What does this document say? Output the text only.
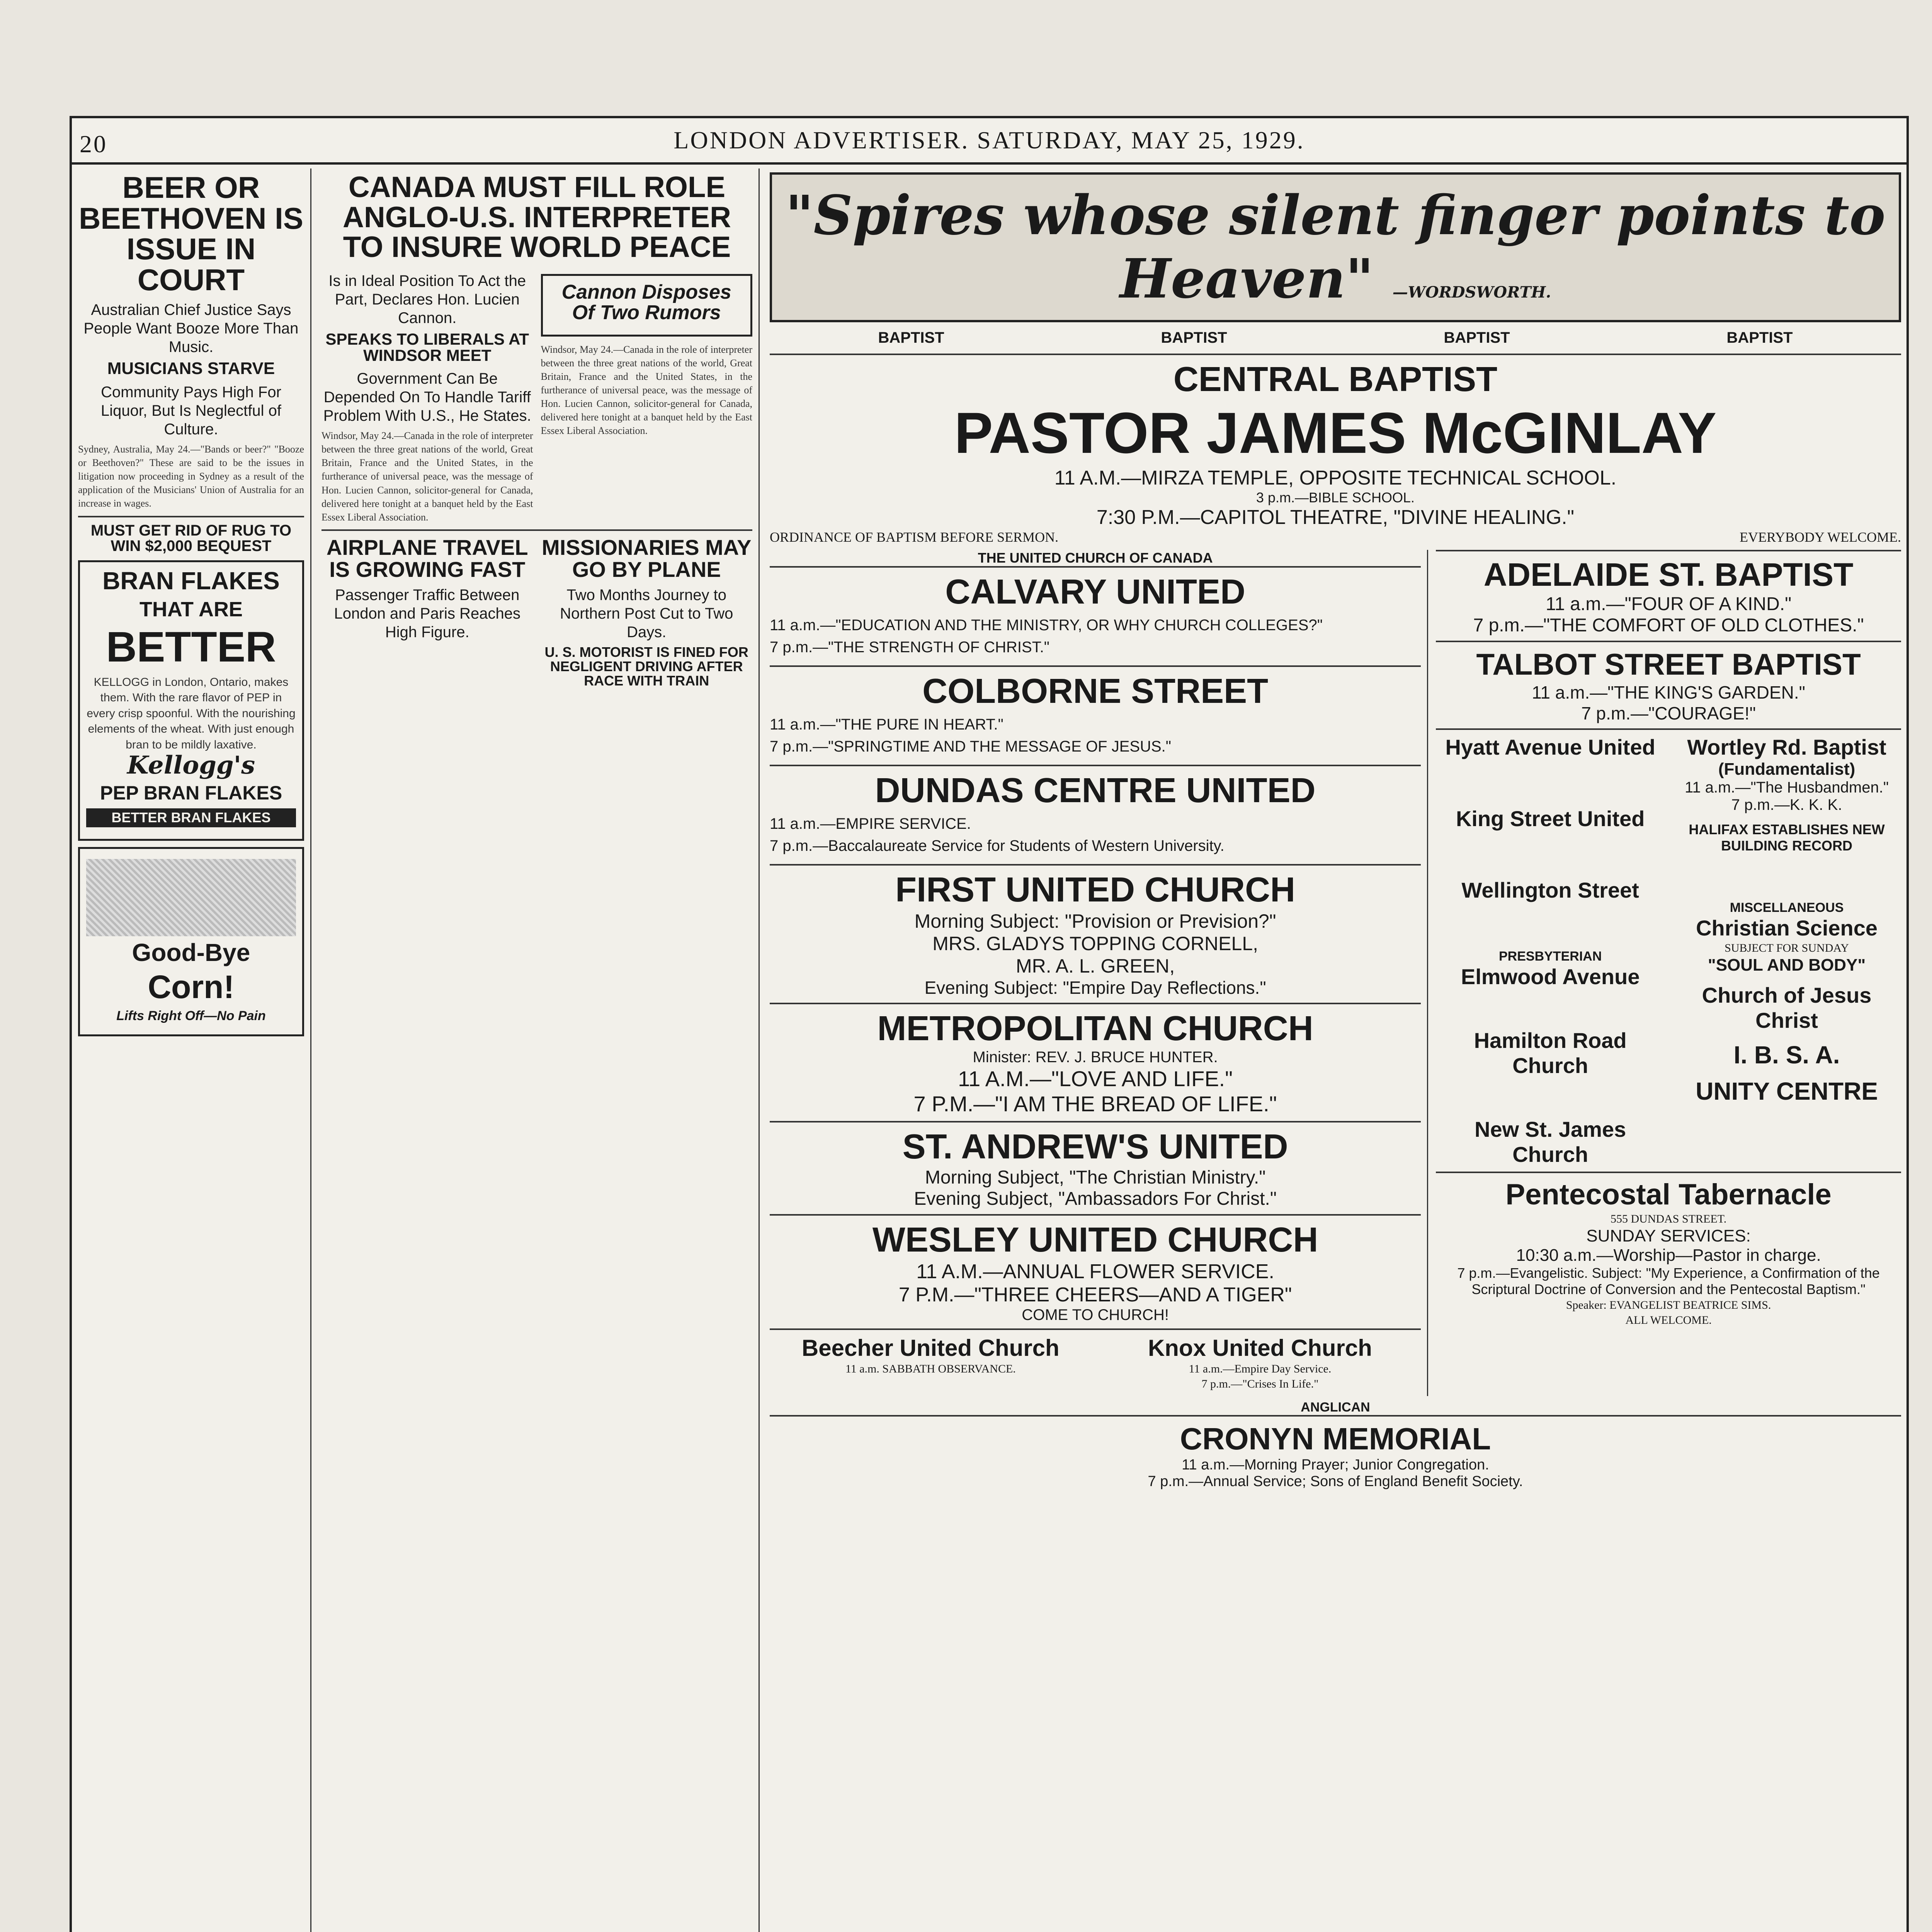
20	LONDON ADVERTISER. SATURDAY, MAY 25, 1929.
BEER OR BEETHOVEN IS ISSUE IN COURT
Australian Chief Justice Says People Want Booze More Than Music.
MUSICIANS STARVE
Community Pays High For Liquor, But Is Neglectful of Culture.
Sydney, Australia, May 24.—"Bands or beer?" "Booze or Beethoven?" These are said to be the issues in litigation now proceeding in Sydney as a result of the application of the Musicians' Union of Australia for an increase in wages.
MUST GET RID OF RUG TO WIN $2,000 BEQUEST
BRAN FLAKES
THAT ARE
BETTER
KELLOGG in London, Ontario, makes them. With the rare flavor of PEP in every crisp spoonful. With the nourishing elements of the wheat. With just enough bran to be mildly laxative.
Kellogg's
PEP BRAN FLAKES
BETTER BRAN FLAKES
Good-Bye
Corn!
Lifts Right Off—No Pain
CANADA MUST FILL ROLE ANGLO-U.S. INTERPRETER TO INSURE WORLD PEACE
Is in Ideal Position To Act the Part, Declares Hon. Lucien Cannon.
SPEAKS TO LIBERALS AT WINDSOR MEET
Government Can Be Depended On To Handle Tariff Problem With U.S., He States.
Windsor, May 24.—Canada in the role of interpreter between the three great nations of the world, Great Britain, France and the United States, in the furtherance of universal peace, was the message of Hon. Lucien Cannon, solicitor-general for Canada, delivered here tonight at a banquet held by the East Essex Liberal Association.
Cannon Disposes Of Two Rumors
Windsor, May 24.—Canada in the role of interpreter between the three great nations of the world, Great Britain, France and the United States, in the furtherance of universal peace, was the message of Hon. Lucien Cannon, solicitor-general for Canada, delivered here tonight at a banquet held by the East Essex Liberal Association.
AIRPLANE TRAVEL IS GROWING FAST
Passenger Traffic Between London and Paris Reaches High Figure.
MISSIONARIES MAY GO BY PLANE
Two Months Journey to Northern Post Cut to Two Days.
U. S. MOTORIST IS FINED FOR NEGLIGENT DRIVING AFTER RACE WITH TRAIN
"Spires whose silent finger points to Heaven" —WORDSWORTH.
BAPTIST	BAPTIST	BAPTIST	BAPTIST
CENTRAL BAPTIST
PASTOR JAMES McGINLAY
11 A.M.—MIRZA TEMPLE, OPPOSITE TECHNICAL SCHOOL.
3 p.m.—BIBLE SCHOOL.
7:30 P.M.—CAPITOL THEATRE, "DIVINE HEALING."
ORDINANCE OF BAPTISM BEFORE SERMON.	EVERYBODY WELCOME.
THE UNITED CHURCH OF CANADA
CALVARY UNITED
11 a.m.—"EDUCATION AND THE MINISTRY, OR WHY CHURCH COLLEGES?"
7 p.m.—"THE STRENGTH OF CHRIST."
COLBORNE STREET
11 a.m.—"THE PURE IN HEART."
7 p.m.—"SPRINGTIME AND THE MESSAGE OF JESUS."
DUNDAS CENTRE UNITED
11 a.m.—EMPIRE SERVICE.
7 p.m.—Baccalaureate Service for Students of Western University.
FIRST UNITED CHURCH
Morning Subject: "Provision or Prevision?"
MRS. GLADYS TOPPING CORNELL,
MR. A. L. GREEN,
Evening Subject: "Empire Day Reflections."
METROPOLITAN CHURCH
Minister: REV. J. BRUCE HUNTER.
11 A.M.—"LOVE AND LIFE."
7 P.M.—"I AM THE BREAD OF LIFE."
ST. ANDREW'S UNITED
Morning Subject, "The Christian Ministry."
Evening Subject, "Ambassadors For Christ."
WESLEY UNITED CHURCH
11 A.M.—ANNUAL FLOWER SERVICE.
7 P.M.—"THREE CHEERS—AND A TIGER"
COME TO CHURCH!
Beecher United Church
11 a.m. SABBATH OBSERVANCE.
Knox United Church
11 a.m.—Empire Day Service.
7 p.m.—"Crises In Life."
ADELAIDE ST. BAPTIST
11 a.m.—"FOUR OF A KIND."
7 p.m.—"THE COMFORT OF OLD CLOTHES."
TALBOT STREET BAPTIST
11 a.m.—"THE KING'S GARDEN."
7 p.m.—"COURAGE!"
Hyatt Avenue United
King Street United
Wellington Street
PRESBYTERIAN
Elmwood Avenue
Hamilton Road Church
New St. James Church
Wortley Rd. Baptist
(Fundamentalist)
11 a.m.—"The Husbandmen."
7 p.m.—K. K. K.
HALIFAX ESTABLISHES NEW BUILDING RECORD
MISCELLANEOUS
Christian Science
SUBJECT FOR SUNDAY
"SOUL AND BODY"
Church of Jesus Christ
I. B. S. A.
UNITY CENTRE
Pentecostal Tabernacle
555 DUNDAS STREET.
SUNDAY SERVICES:
10:30 a.m.—Worship—Pastor in charge.
7 p.m.—Evangelistic. Subject: "My Experience, a Confirmation of the Scriptural Doctrine of Conversion and the Pentecostal Baptism."
Speaker: EVANGELIST BEATRICE SIMS.
ALL WELCOME.
ANGLICAN
CRONYN MEMORIAL
11 a.m.—Morning Prayer; Junior Congregation.
7 p.m.—Annual Service; Sons of England Benefit Society.
